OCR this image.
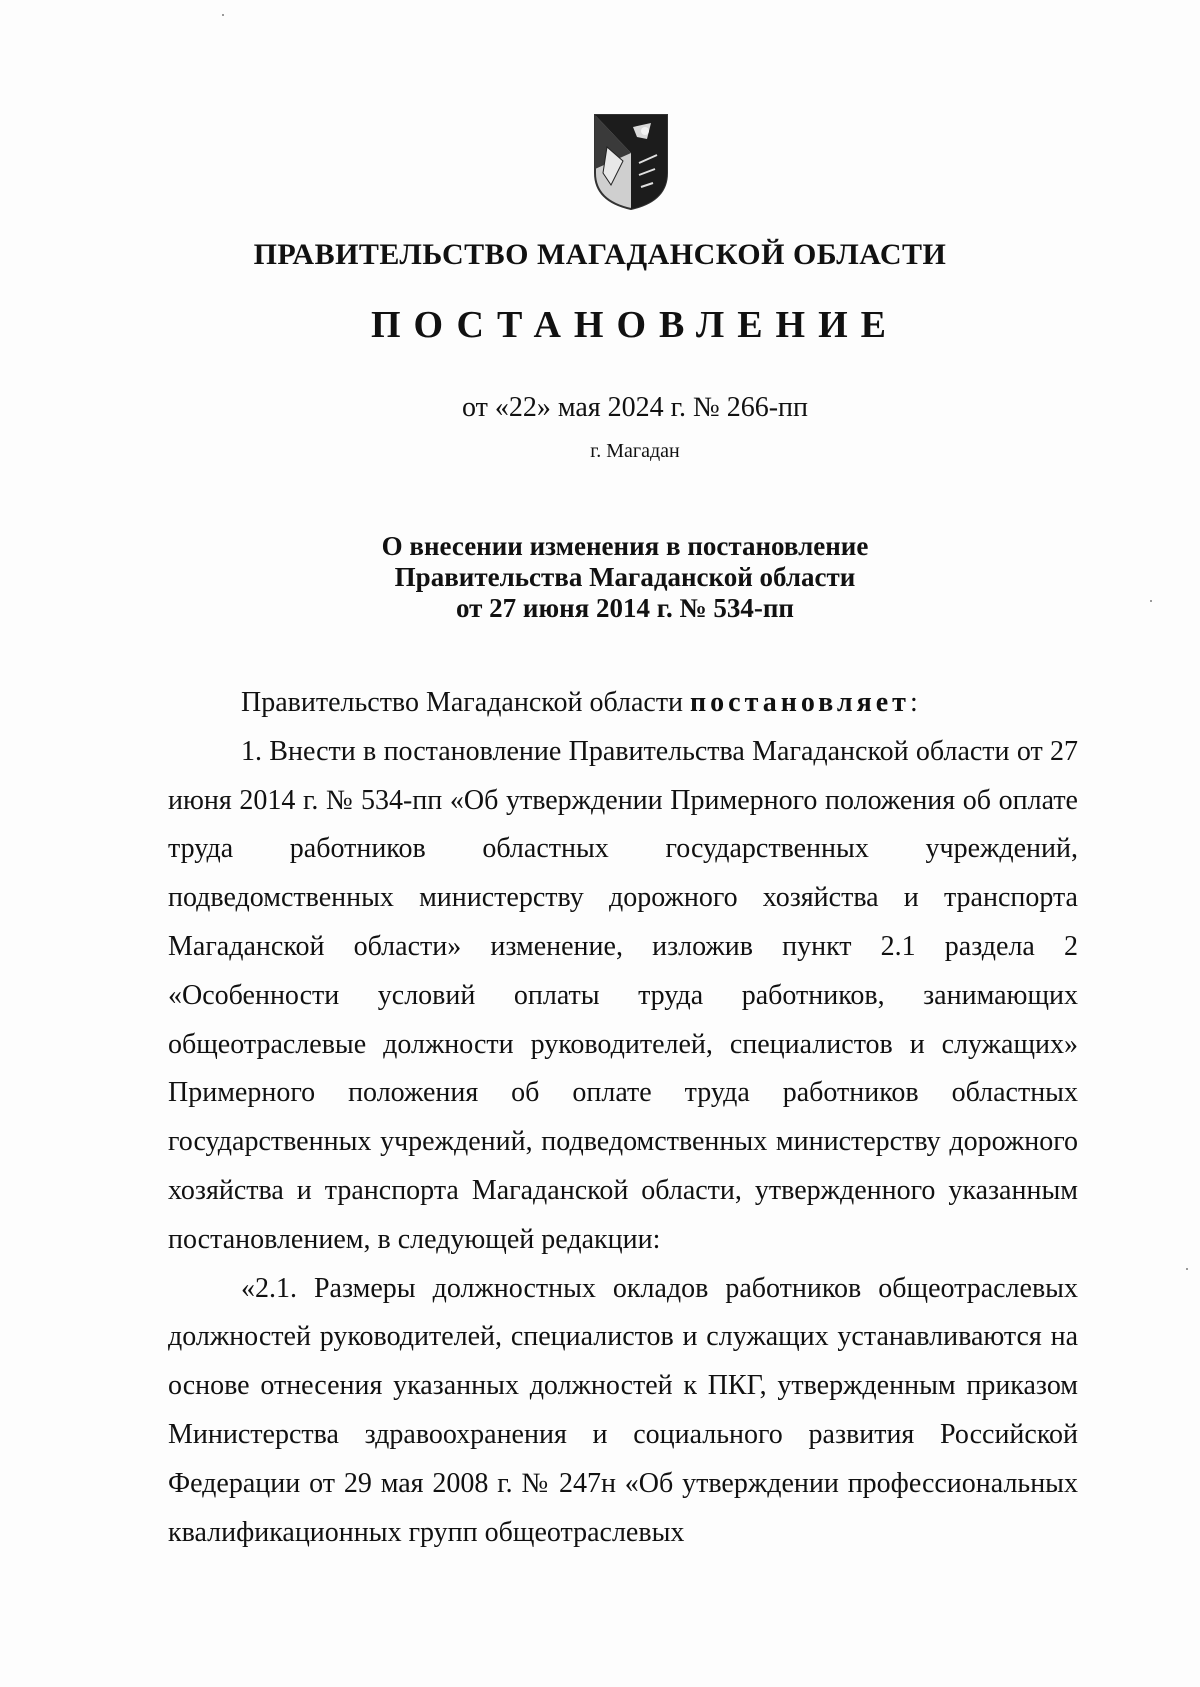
ПРАВИТЕЛЬСТВО МАГАДАНСКОЙ ОБЛАСТИ
ПОСТАНОВЛЕНИЕ
от «22» мая 2024 г. № 266-пп
г. Магадан
О внесении изменения в постановление
Правительства Магаданской области
от 27 июня 2014 г. № 534-пп

Правительство Магаданской области постановляет:

1. Внести в постановление Правительства Магаданской области от 27 июня 2014 г. № 534-пп «Об утверждении Примерного положения об оплате труда работников областных государственных учреждений, подведомственных министерству дорожного хозяйства и транспорта Магаданской области» изменение, изложив пункт 2.1 раздела 2 «Особенности условий оплаты труда работников, занимающих общеотраслевые должности руководителей, специалистов и служащих» Примерного положения об оплате труда работников областных государственных учреждений, подведомственных министерству дорожного хозяйства и транспорта Магаданской области, утвержденного указанным постановлением, в следующей редакции:

«2.1. Размеры должностных окладов работников общеотраслевых должностей руководителей, специалистов и служащих устанавливаются на основе отнесения указанных должностей к ПКГ, утвержденным приказом Министерства здравоохранения и социального развития Российской Федерации от 29 мая 2008 г. № 247н «Об утверждении профессиональных квалификационных групп общеотраслевых
